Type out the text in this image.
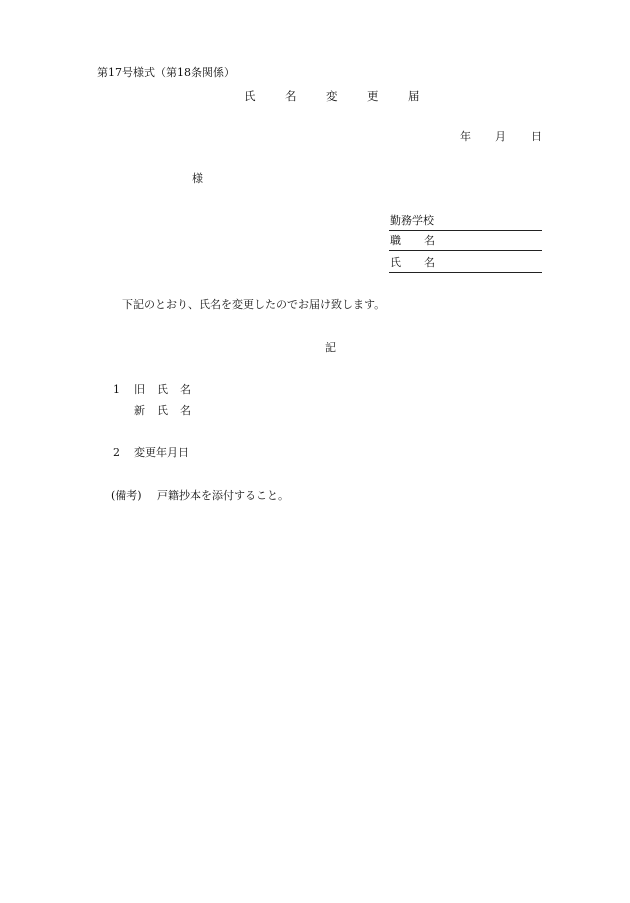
第17号様式（第18条関係）
氏	名	変	更	届
年 月 日
様
勤務学校
職 名
氏 名
下記のとおり、氏名を変更したのでお届け致します。
記
1 旧 氏 名
新 氏 名
2 変更年月日
(備考) 戸籍抄本を添付すること。
